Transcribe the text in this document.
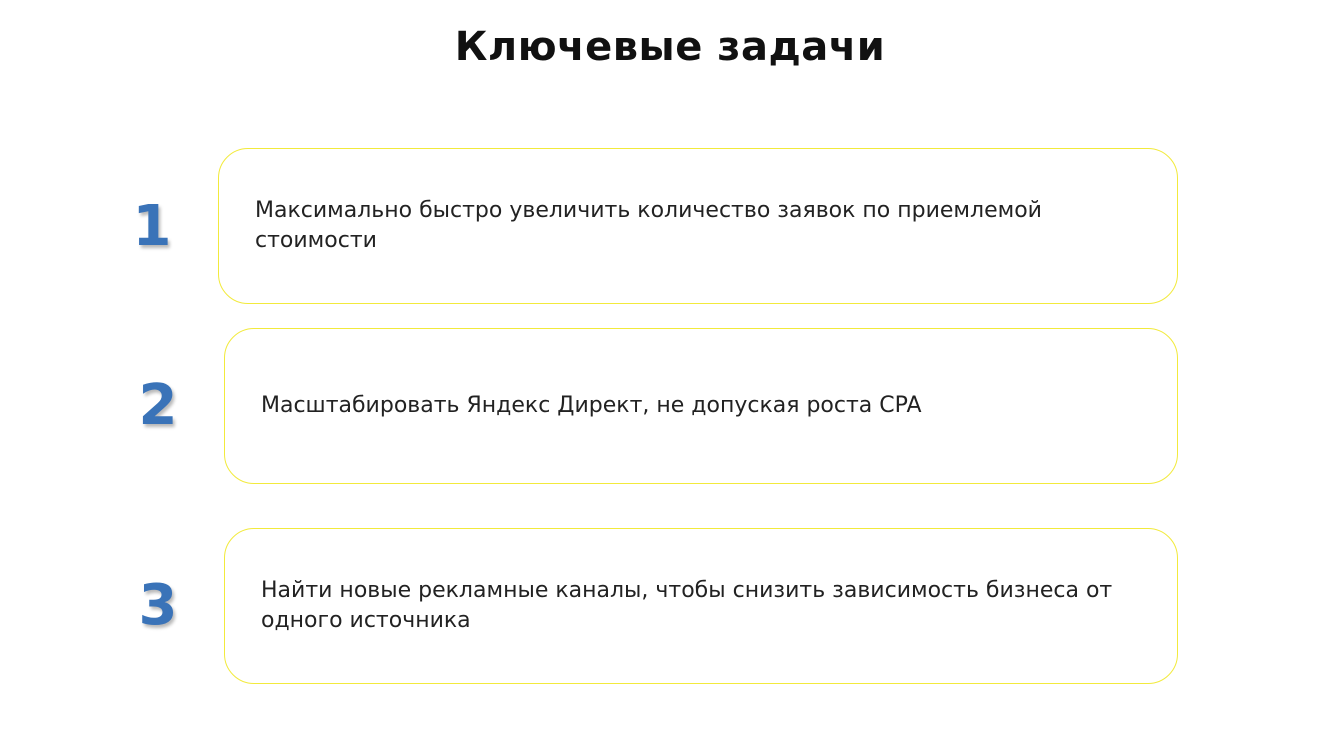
Ключевые задачи
1	Максимально быстро увеличить количество заявок по приемлемой стоимости
2	Масштабировать Яндекс Директ, не допуская роста CPA
3	Найти новые рекламные каналы, чтобы снизить зависимость бизнеса от одного источника
